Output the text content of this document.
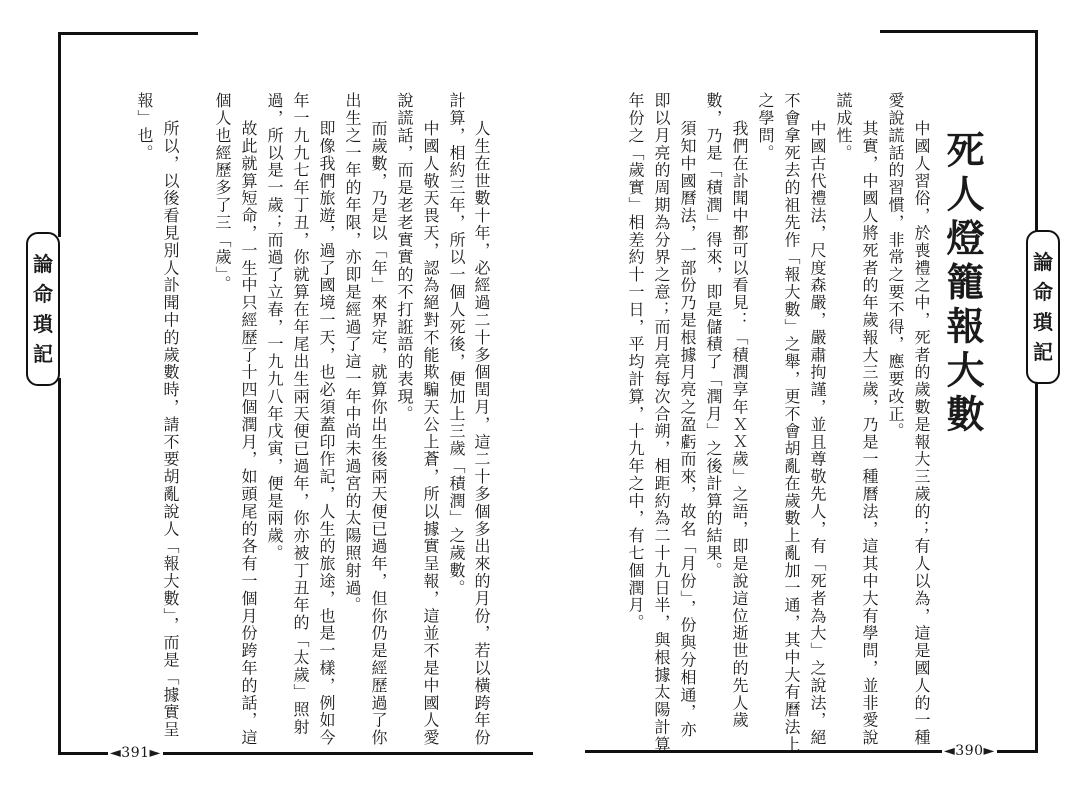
論
命
瑣
記
◄391►
人生在世數十年，必經過二十多個閏月，這二十多個多出來的月份，若以橫跨年份
計算，相約三年，所以一個人死後，便加上三歲「積潤」之歲數。
中國人敬天畏天，認為絕對不能欺騙天公上蒼，所以據實呈報，這並不是中國人愛
說謊話，而是老老實實的不打誑語的表現。
而歲數，乃是以「年」來界定，就算你出生後兩天便已過年，但你仍是經歷過了你
出生之一年的年限，亦即是經過了這一年中尚未過宮的太陽照射過。
即像我們旅遊，過了國境一天，也必須蓋印作記，人生的旅途，也是一樣，例如今
年一九九七年丁丑，你就算在年尾出生兩天便已過年，你亦被丁丑年的「太歲」照射
過，所以是一歲；而過了立春，一九九八年戊寅，便是兩歲。
故此就算短命，一生中只經歷了十四個潤月，如頭尾的各有一個月份跨年的話，這
個人也經歷多了三「歲」。
所以，以後看見別人訃聞中的歲數時，請不要胡亂說人「報大數」，而是「據實呈
報」也。
論
命
瑣
記
◄390►
死人燈籠報大數
中國人習俗，於喪禮之中，死者的歲數是報大三歲的；有人以為，這是國人的一種
愛說謊話的習慣，非常之要不得，應要改正。
其實，中國人將死者的年歲報大三歲，乃是一種曆法，這其中大有學問，並非愛說
謊成性。
中國古代禮法，尺度森嚴，嚴肅拘謹，並且尊敬先人，有「死者為大」之說法，絕
不會拿死去的祖先作「報大數」之舉，更不會胡亂在歲數上亂加一通，其中大有曆法上
之學問。
我們在訃聞中都可以看見：「積潤享年ＸＸ歲」之語，即是說這位逝世的先人歲
數，乃是「積潤」得來，即是儲積了「潤月」之後計算的結果。
須知中國曆法，一部份乃是根據月亮之盈虧而來，故名「月份」，份與分相通，亦
即以月亮的周期為分界之意；而月亮每次合朔，相距約為二十九日半，與根據太陽計算
年份之「歲實」相差約十一日，平均計算，十九年之中，有七個潤月。
